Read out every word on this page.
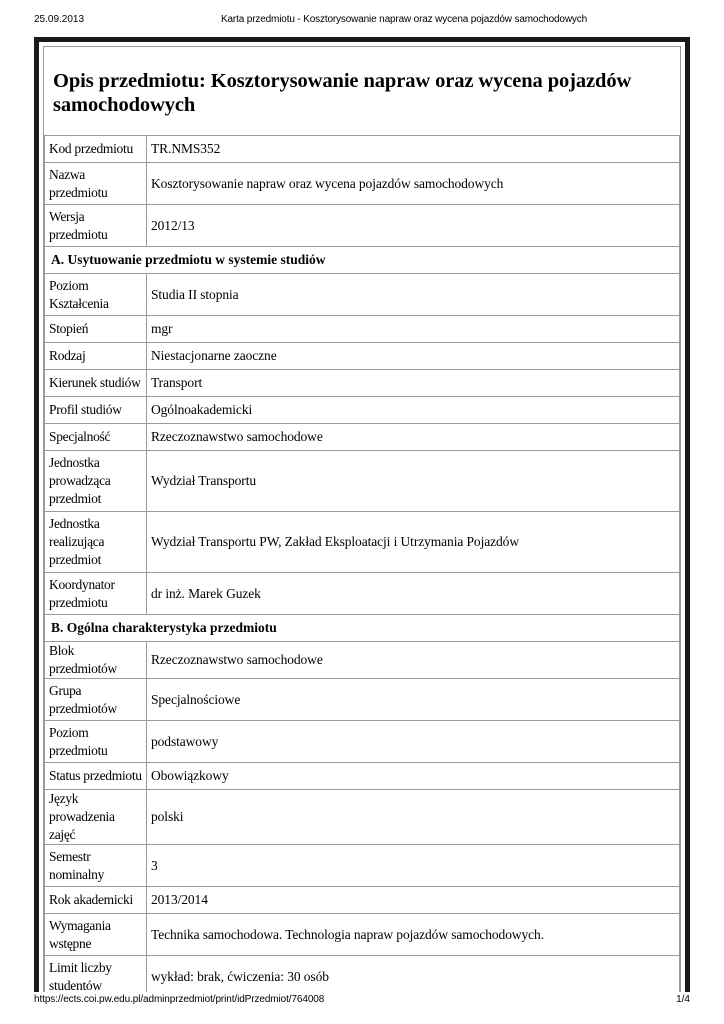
25.09.2013	Karta przedmiotu - Kosztorysowanie napraw oraz wycena pojazdów samochodowych
Opis przedmiotu: Kosztorysowanie napraw oraz wycena pojazdów samochodowych
Kod przedmiotu	TR.NMS352
Nazwa przedmiotu	Kosztorysowanie napraw oraz wycena pojazdów samochodowych
Wersja przedmiotu	2012/13
A. Usytuowanie przedmiotu w systemie studiów	
Poziom Kształcenia	Studia II stopnia
Stopień	mgr
Rodzaj	Niestacjonarne zaoczne
Kierunek studiów	Transport
Profil studiów	Ogólnoakademicki
Specjalność	Rzeczoznawstwo samochodowe
Jednostka prowadząca przedmiot	Wydział Transportu
Jednostka realizująca przedmiot	Wydział Transportu PW, Zakład Eksploatacji i Utrzymania Pojazdów
Koordynator przedmiotu	dr inż. Marek Guzek
B. Ogólna charakterystyka przedmiotu	
Blok przedmiotów	Rzeczoznawstwo samochodowe
Grupa przedmiotów	Specjalnościowe
Poziom przedmiotu	podstawowy
Status przedmiotu	Obowiązkowy
Język prowadzenia zajęć	polski
Semestr nominalny	3
Rok akademicki	2013/2014
Wymagania wstępne	Technika samochodowa. Technologia napraw pojazdów samochodowych.
Limit liczby studentów	wykład: brak, ćwiczenia: 30 osób
https://ects.coi.pw.edu.pl/adminprzedmiot/print/idPrzedmiot/764008	1/4
